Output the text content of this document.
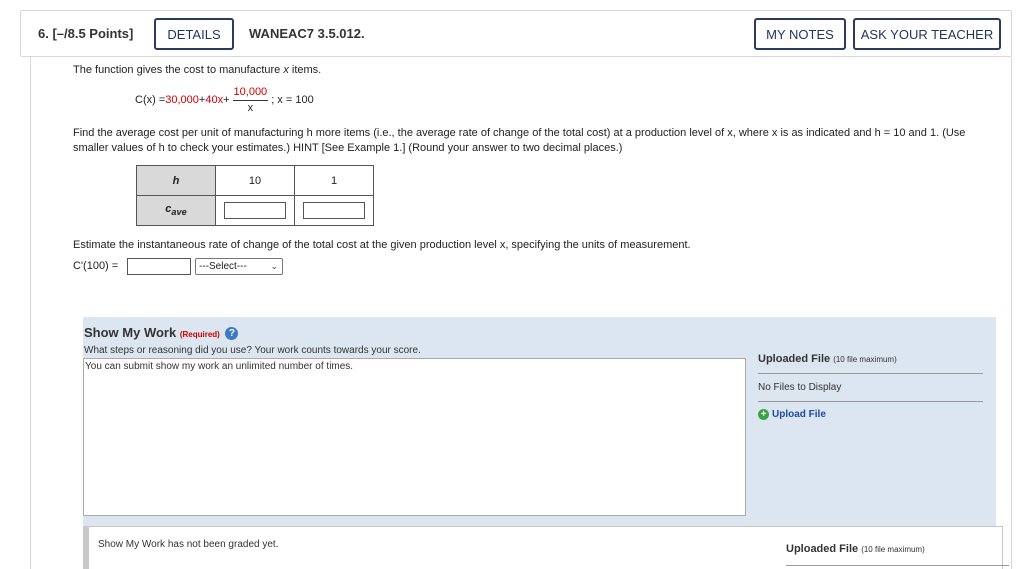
6. [–/8.5 Points]	DETAILS	WANEAC7 3.5.012.	MY NOTES	ASK YOUR TEACHER
The function gives the cost to manufacture x items.
$C(x) = 30,000 + 40x + \frac{10,000}{x}$ ; x = 100
Find the average cost per unit of manufacturing h more items (i.e., the average rate of change of the total cost) at a production level of x, where x is as indicated and h = 10 and 1. (Use smaller values of h to check your estimates.) HINT [See Example 1.] (Round your answer to two decimal places.)
h	10	1
$c_{ave}$		
Estimate the instantaneous rate of change of the total cost at the given production level x, specifying the units of measurement.
C'(100) =	---Select---	⌄
Show My Work (Required) ?
What steps or reasoning did you use? Your work counts towards your score.
You can submit show my work an unlimited number of times.
Uploaded File (10 file maximum)
No Files to Display
+ Upload File
Show My Work has not been graded yet.	Uploaded File (10 file maximum)
